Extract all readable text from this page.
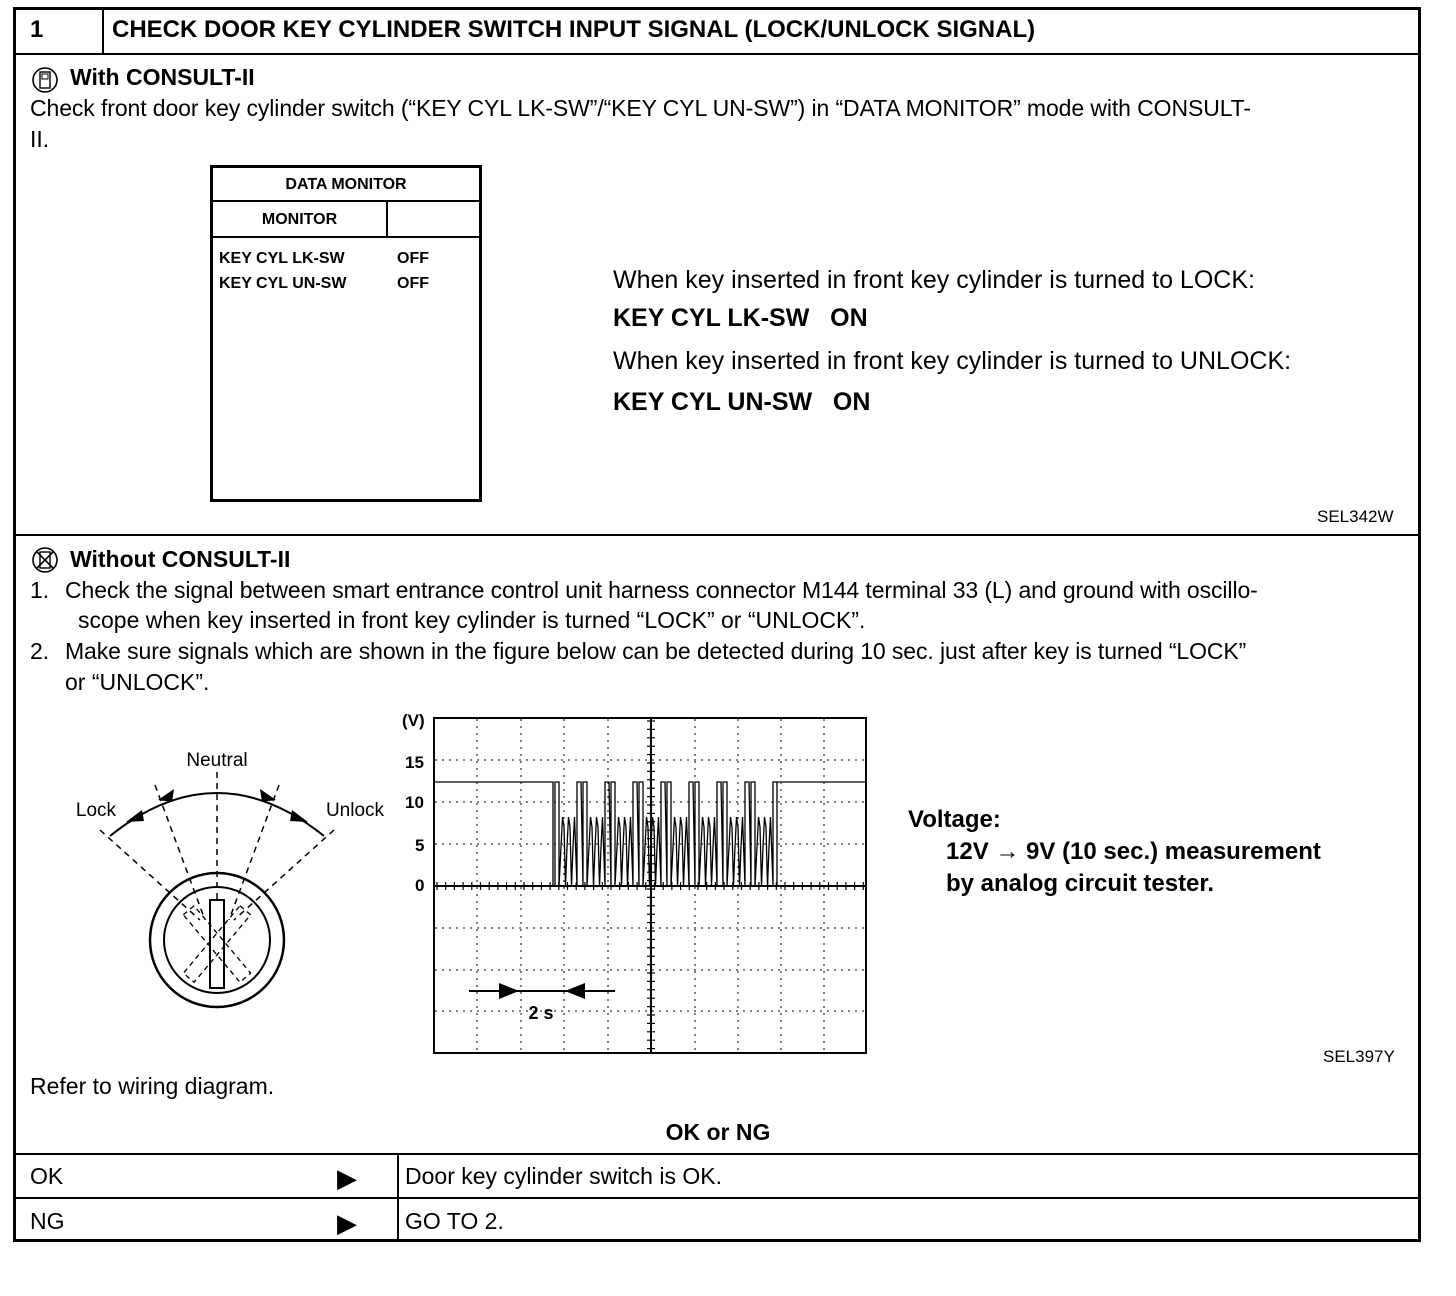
1	CHECK DOOR KEY CYLINDER SWITCH INPUT SIGNAL (LOCK/UNLOCK SIGNAL)
With CONSULT-II
Check front door key cylinder switch (“KEY CYL LK-SW”/“KEY CYL UN-SW”) in “DATA MONITOR” mode with CONSULT-
II.
DATA MONITOR
MONITOR
KEY CYL LK-SW	OFF
KEY CYL UN-SW	OFF	When key inserted in front key cylinder is turned to LOCK:
KEY CYL LK-SW   ON
When key inserted in front key cylinder is turned to UNLOCK:
KEY CYL UN-SW   ON
SEL342W
Without CONSULT-II
1. Check the signal between smart entrance control unit harness connector M144 terminal 33 (L) and ground with oscillo-
scope when key inserted in front key cylinder is turned “LOCK” or “UNLOCK”.
2. Make sure signals which are shown in the figure below can be detected during 10 sec. just after key is turned “LOCK”
or “UNLOCK”.
Neutral
Lock	Unlock
(V)
15
10
5
0
2 s
Voltage:
12V → 9V (10 sec.) measurement
by analog circuit tester.
SEL397Y
Refer to wiring diagram.
OK or NG
OK	▶ Door key cylinder switch is OK.
NG	▶ GO TO 2.
